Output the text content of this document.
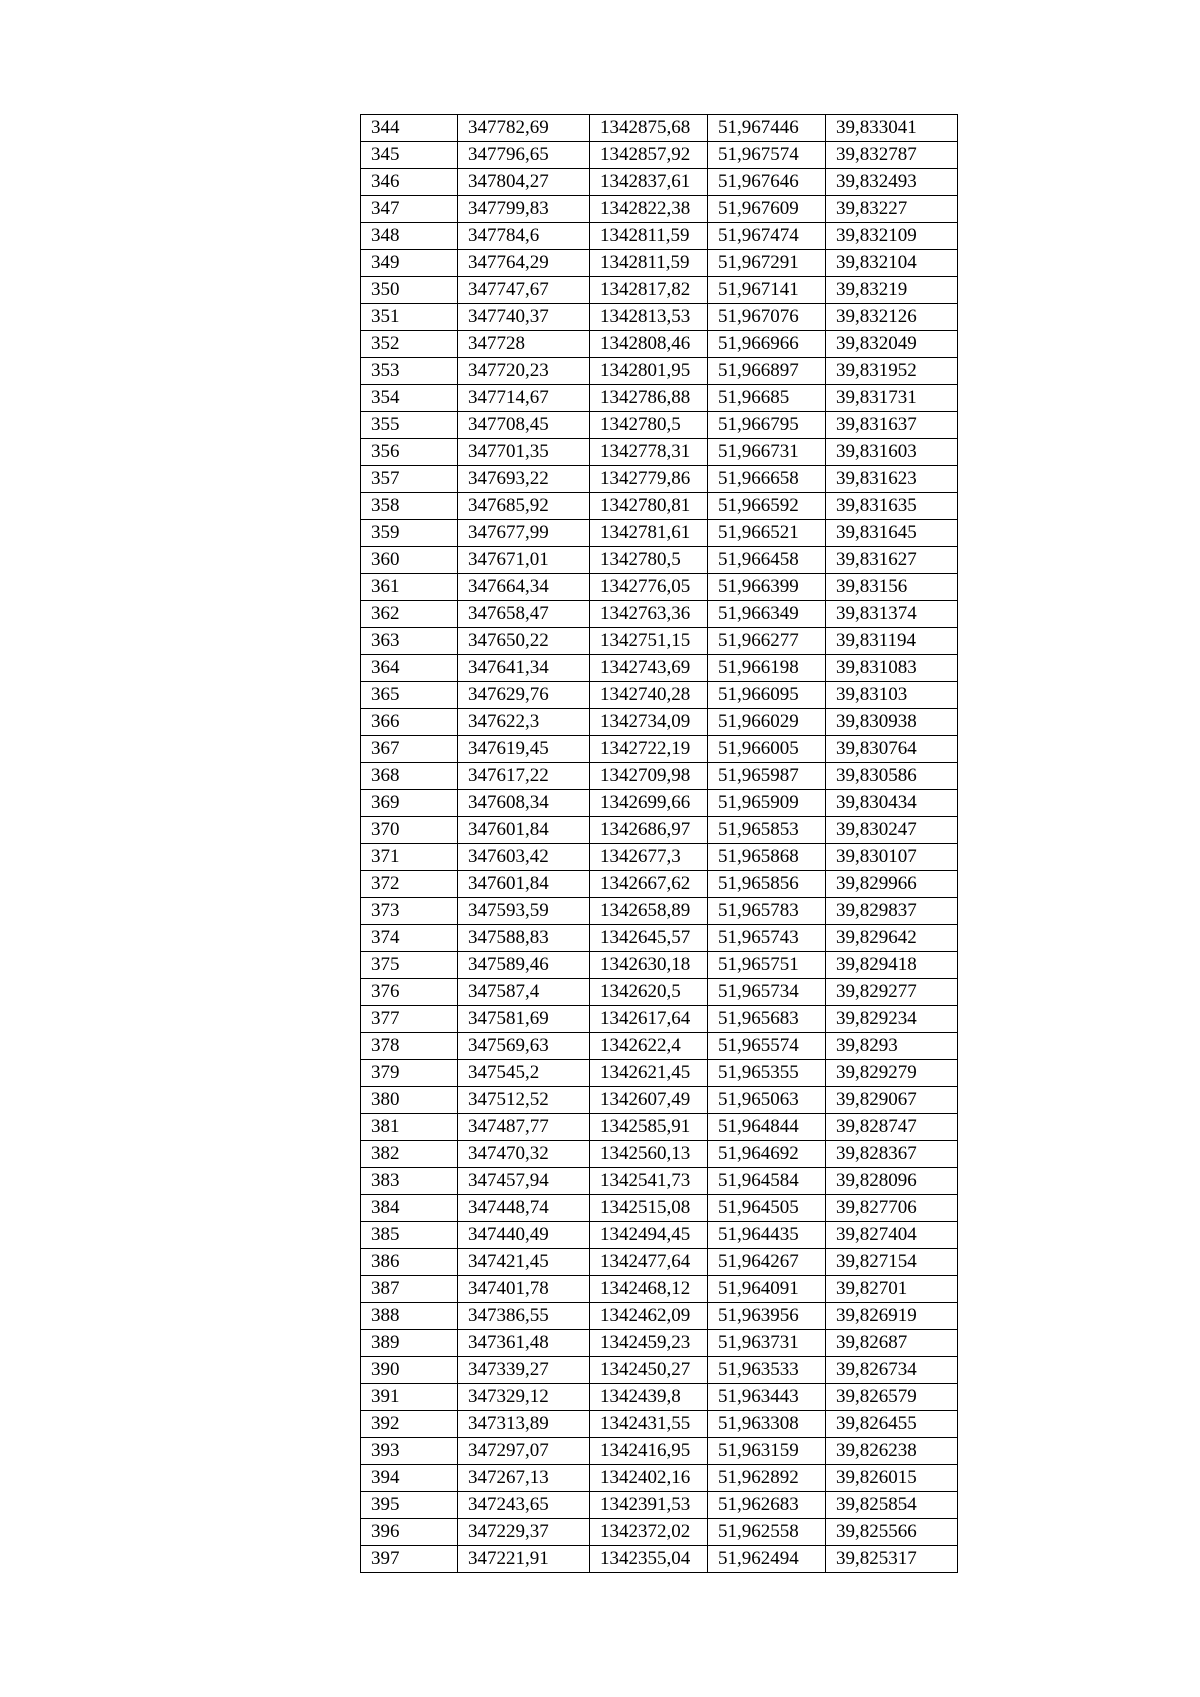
344	347782,69	1342875,68	51,967446	39,833041
345	347796,65	1342857,92	51,967574	39,832787
346	347804,27	1342837,61	51,967646	39,832493
347	347799,83	1342822,38	51,967609	39,83227
348	347784,6	1342811,59	51,967474	39,832109
349	347764,29	1342811,59	51,967291	39,832104
350	347747,67	1342817,82	51,967141	39,83219
351	347740,37	1342813,53	51,967076	39,832126
352	347728	1342808,46	51,966966	39,832049
353	347720,23	1342801,95	51,966897	39,831952
354	347714,67	1342786,88	51,96685	39,831731
355	347708,45	1342780,5	51,966795	39,831637
356	347701,35	1342778,31	51,966731	39,831603
357	347693,22	1342779,86	51,966658	39,831623
358	347685,92	1342780,81	51,966592	39,831635
359	347677,99	1342781,61	51,966521	39,831645
360	347671,01	1342780,5	51,966458	39,831627
361	347664,34	1342776,05	51,966399	39,83156
362	347658,47	1342763,36	51,966349	39,831374
363	347650,22	1342751,15	51,966277	39,831194
364	347641,34	1342743,69	51,966198	39,831083
365	347629,76	1342740,28	51,966095	39,83103
366	347622,3	1342734,09	51,966029	39,830938
367	347619,45	1342722,19	51,966005	39,830764
368	347617,22	1342709,98	51,965987	39,830586
369	347608,34	1342699,66	51,965909	39,830434
370	347601,84	1342686,97	51,965853	39,830247
371	347603,42	1342677,3	51,965868	39,830107
372	347601,84	1342667,62	51,965856	39,829966
373	347593,59	1342658,89	51,965783	39,829837
374	347588,83	1342645,57	51,965743	39,829642
375	347589,46	1342630,18	51,965751	39,829418
376	347587,4	1342620,5	51,965734	39,829277
377	347581,69	1342617,64	51,965683	39,829234
378	347569,63	1342622,4	51,965574	39,8293
379	347545,2	1342621,45	51,965355	39,829279
380	347512,52	1342607,49	51,965063	39,829067
381	347487,77	1342585,91	51,964844	39,828747
382	347470,32	1342560,13	51,964692	39,828367
383	347457,94	1342541,73	51,964584	39,828096
384	347448,74	1342515,08	51,964505	39,827706
385	347440,49	1342494,45	51,964435	39,827404
386	347421,45	1342477,64	51,964267	39,827154
387	347401,78	1342468,12	51,964091	39,82701
388	347386,55	1342462,09	51,963956	39,826919
389	347361,48	1342459,23	51,963731	39,82687
390	347339,27	1342450,27	51,963533	39,826734
391	347329,12	1342439,8	51,963443	39,826579
392	347313,89	1342431,55	51,963308	39,826455
393	347297,07	1342416,95	51,963159	39,826238
394	347267,13	1342402,16	51,962892	39,826015
395	347243,65	1342391,53	51,962683	39,825854
396	347229,37	1342372,02	51,962558	39,825566
397	347221,91	1342355,04	51,962494	39,825317
